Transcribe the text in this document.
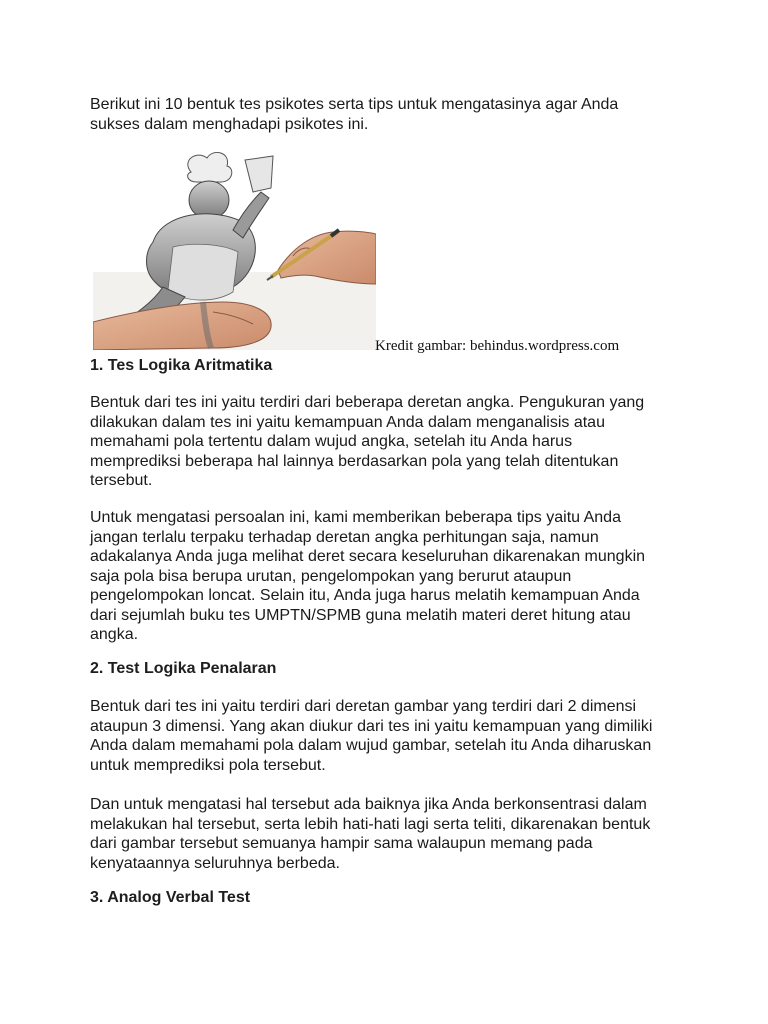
Berikut ini 10 bentuk tes psikotes serta tips untuk mengatasinya agar Anda
sukses dalam menghadapi psikotes ini.

Kredit gambar: behindus.wordpress.com
1. Tes Logika Aritmatika

Bentuk dari tes ini yaitu terdiri dari beberapa deretan angka. Pengukuran yang
dilakukan dalam tes ini yaitu kemampuan Anda dalam menganalisis atau
memahami pola tertentu dalam wujud angka, setelah itu Anda harus
memprediksi beberapa hal lainnya berdasarkan pola yang telah ditentukan
tersebut.

Untuk mengatasi persoalan ini, kami memberikan beberapa tips yaitu Anda
jangan terlalu terpaku terhadap deretan angka perhitungan saja, namun
adakalanya Anda juga melihat deret secara keseluruhan dikarenakan mungkin
saja pola bisa berupa urutan, pengelompokan yang berurut ataupun
pengelompokan loncat. Selain itu, Anda juga harus melatih kemampuan Anda
dari sejumlah buku tes UMPTN/SPMB guna melatih materi deret hitung atau
angka.

2. Test Logika Penalaran

Bentuk dari tes ini yaitu terdiri dari deretan gambar yang terdiri dari 2 dimensi
ataupun 3 dimensi. Yang akan diukur dari tes ini yaitu kemampuan yang dimiliki
Anda dalam memahami pola dalam wujud gambar, setelah itu Anda diharuskan
untuk memprediksi pola tersebut.

Dan untuk mengatasi hal tersebut ada baiknya jika Anda berkonsentrasi dalam
melakukan hal tersebut, serta lebih hati-hati lagi serta teliti, dikarenakan bentuk
dari gambar tersebut semuanya hampir sama walaupun memang pada
kenyataannya seluruhnya berbeda.

3. Analog Verbal Test
